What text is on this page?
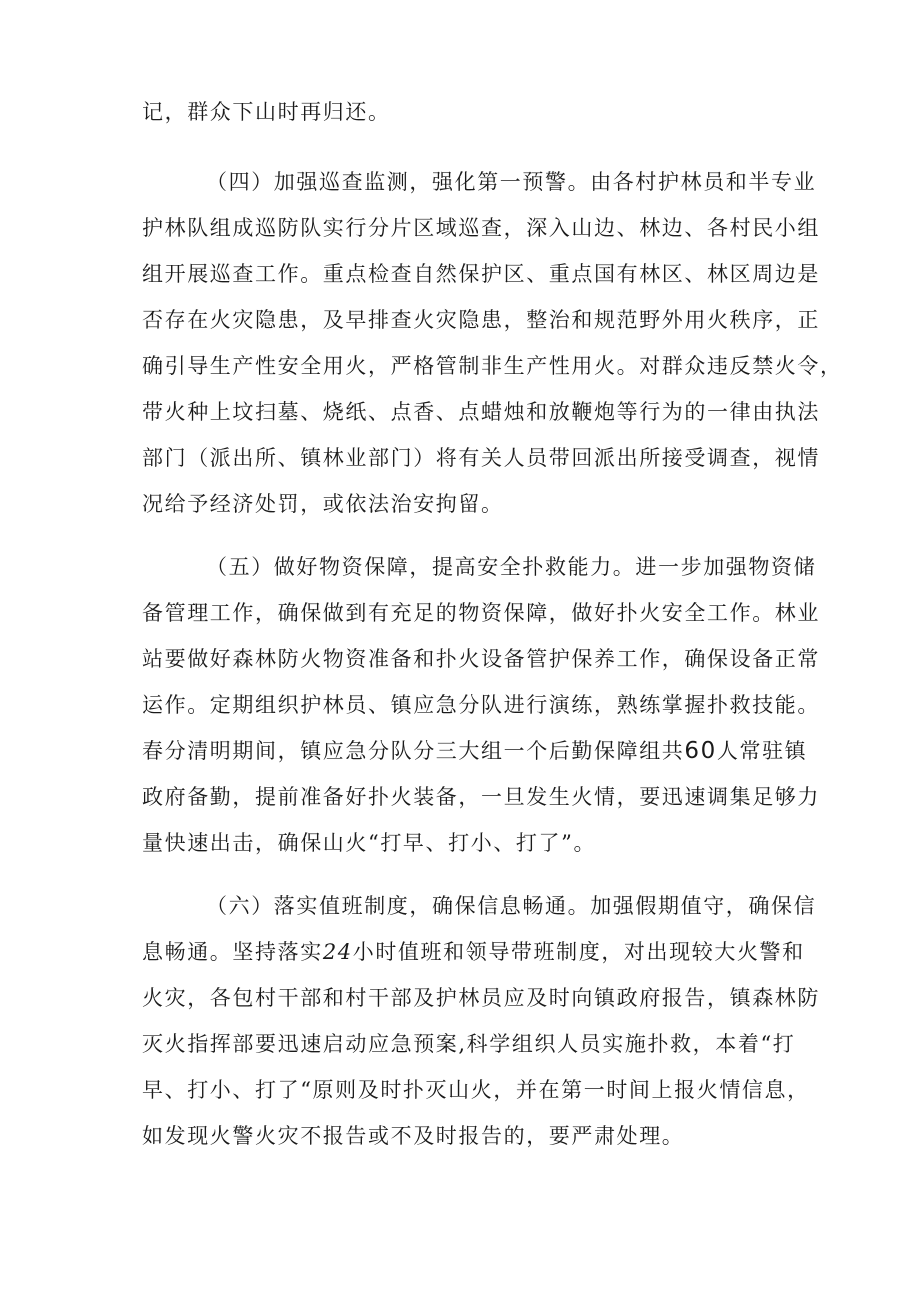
记，群众下山时再归还。
（四）加强巡查监测，强化第一预警。由各村护林员和半专业
护林队组成巡防队实行分片区域巡查，深入山边、林边、各村民小组
组开展巡查工作。重点检查自然保护区、重点国有林区、林区周边是
否存在火灾隐患，及早排查火灾隐患，整治和规范野外用火秩序，正
确引导生产性安全用火，严格管制非生产性用火。对群众违反禁火令，
带火种上坟扫墓、烧纸、点香、点蜡烛和放鞭炮等行为的一律由执法
部门（派出所、镇林业部门）将有关人员带回派出所接受调查，视情
况给予经济处罚，或依法治安拘留。
（五）做好物资保障，提高安全扑救能力。进一步加强物资储
备管理工作，确保做到有充足的物资保障，做好扑火安全工作。林业
站要做好森林防火物资准备和扑火设备管护保养工作，确保设备正常
运作。定期组织护林员、镇应急分队进行演练，熟练掌握扑救技能。
春分清明期间，镇应急分队分三大组一个后勤保障组共60人常驻镇
政府备勤，提前准备好扑火装备，一旦发生火情，要迅速调集足够力
量快速出击，确保山火“打早、打小、打了”。
（六）落实值班制度，确保信息畅通。加强假期值守，确保信
息畅通。坚持落实24小时值班和领导带班制度，对出现较大火警和
火灾，各包村干部和村干部及护林员应及时向镇政府报告，镇森林防
灭火指挥部要迅速启动应急预案,科学组织人员实施扑救，本着“打
早、打小、打了“原则及时扑灭山火，并在第一时间上报火情信息，
如发现火警火灾不报告或不及时报告的，要严肃处理。
